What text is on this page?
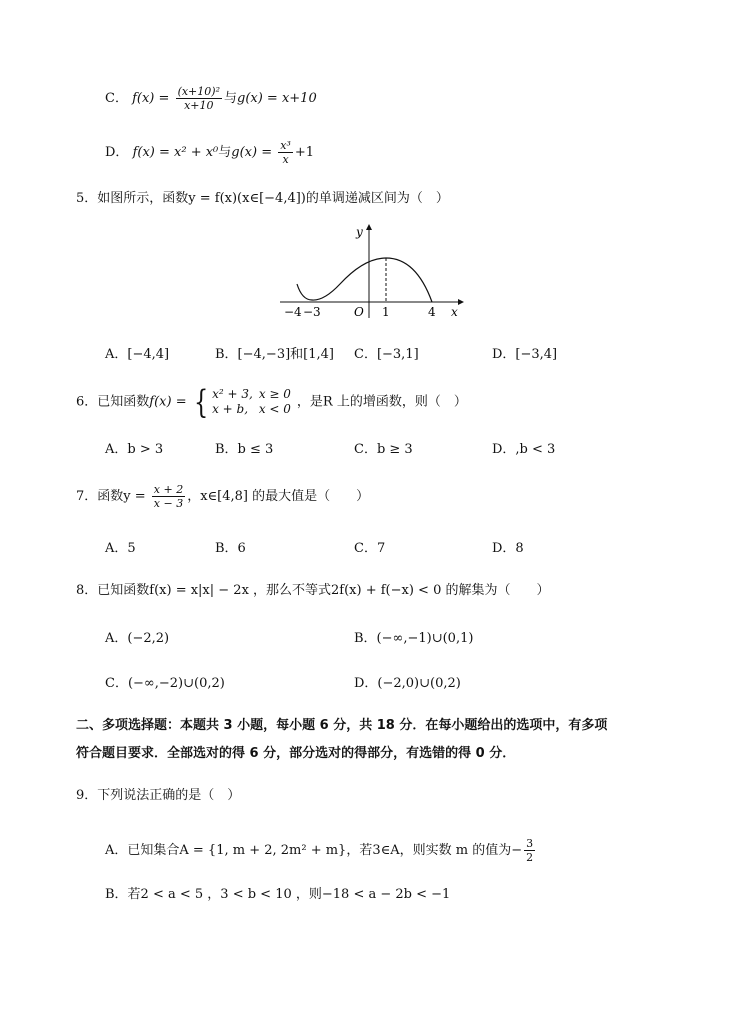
C． $f(x) = \frac{\text{(x+10)²}}{x+10}$ 与g(x) = x+10
D． f(x) = x² + x⁰与$g(x) = \frac{\text{x³}}{x} +1$
5．如图所示，函数y = f(x)(x∈[−4,4])的单调递减区间为（　）
y
x
O
−4 −3	1	4
A．[−4,4]	B．[−4,−3]和[1,4] C．[−3,1]	D．[−3,4]
6．已知函数f(x) = { x² + 3,	x ≥ 0
x + b,	x < 0 ，是R 上的增函数，则（　）
A．b > 3	B．b ≤ 3	C．b ≥ 3	D．,b < 3
7．函数$y = \frac{x + 2}{x - 3}$ ，x∈[4,8] 的最大值是（　　）
A．5	B．6	C．7	D．8
8．已知函数f(x) = x|x| − 2x ，那么不等式2f(x) + f(−x) < 0 的解集为（　　）
A．(−2,2)	B．(−∞,−1)∪(0,1)
C．(−∞,−2)∪(0,2)	D．(−2,0)∪(0,2)
二、多项选择题：本题共 3 小题，每小题 6 分，共 18 分．在每小题给出的选项中，有多项
符合题目要求．全部选对的得 6 分，部分选对的得部分，有选错的得 0 分．
9．下列说法正确的是（　）
A．已知集合A = {1, m + 2, 2m² + m}，若3∈A，则实数 m 的值为− $\frac{3}{2}$
B．若2 < a < 5 ，3 < b < 10 ，则−18 < a − 2b < −1
